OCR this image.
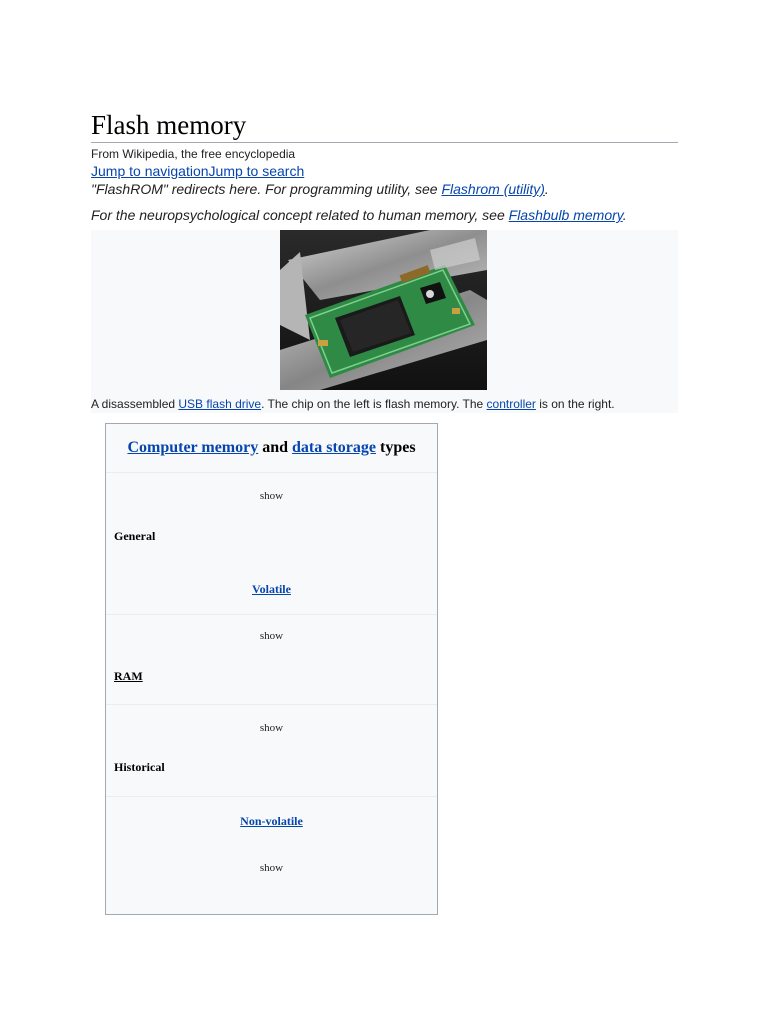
Flash memory
From Wikipedia, the free encyclopedia
Jump to navigationJump to search
"FlashROM" redirects here. For programming utility, see Flashrom (utility).
For the neuropsychological concept related to human memory, see Flashbulb memory.
A disassembled USB flash drive. The chip on the left is flash memory. The controller is on the right.
Computer memory and data storage types
show
General
Volatile
show
RAM
show
Historical
Non-volatile
show
